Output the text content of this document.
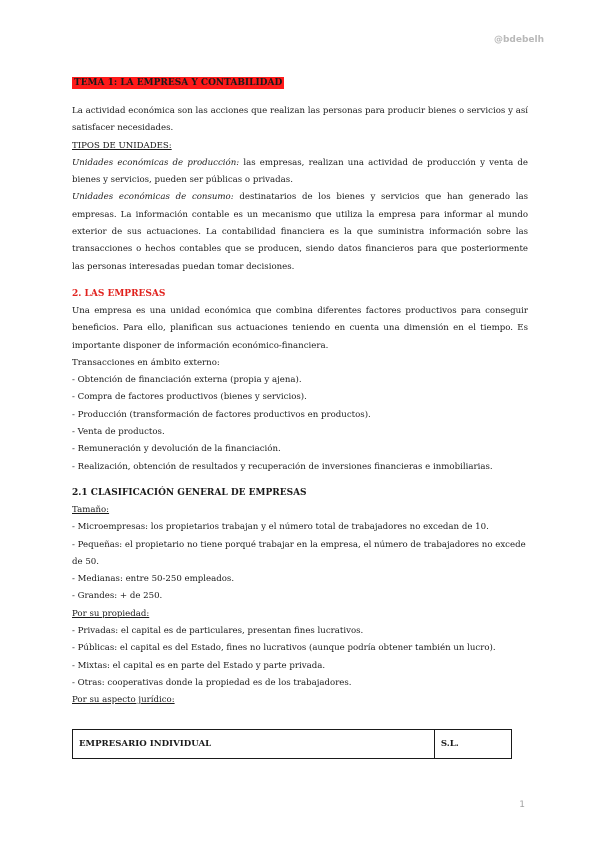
@bdebelh
TEMA 1: LA EMPRESA Y CONTABILIDAD

La actividad económica son las acciones que realizan las personas para producir bienes o servicios y así satisfacer necesidades.

TIPOS DE UNIDADES:

Unidades económicas de producción: las empresas, realizan una actividad de producción y venta de bienes y servicios, pueden ser públicas o privadas.

Unidades económicas de consumo: destinatarios de los bienes y servicios que han generado las empresas. La información contable es un mecanismo que utiliza la empresa para informar al mundo exterior de sus actuaciones. La contabilidad financiera es la que suministra información sobre las transacciones o hechos contables que se producen, siendo datos financieros para que posteriormente las personas interesadas puedan tomar decisiones.

2. LAS EMPRESAS

Una empresa es una unidad económica que combina diferentes factores productivos para conseguir beneficios. Para ello, planifican sus actuaciones teniendo en cuenta una dimensión en el tiempo. Es importante disponer de información económico-financiera.

Transacciones en ámbito externo:

- Obtención de financiación externa (propia y ajena).
- Compra de factores productivos (bienes y servicios).
- Producción (transformación de factores productivos en productos).
- Venta de productos.
- Remuneración y devolución de la financiación.
- Realización, obtención de resultados y recuperación de inversiones financieras e inmobiliarias.

2.1 CLASIFICACIÓN GENERAL DE EMPRESAS

Tamaño:

- Microempresas: los propietarios trabajan y el número total de trabajadores no excedan de 10.
- Pequeñas: el propietario no tiene porqué trabajar en la empresa, el número de trabajadores no excede de 50.
- Medianas: entre 50-250 empleados.
- Grandes: + de 250.

Por su propiedad:

- Privadas: el capital es de particulares, presentan fines lucrativos.
- Públicas: el capital es del Estado, fines no lucrativos (aunque podría obtener también un lucro).
- Mixtas: el capital es en parte del Estado y parte privada.
- Otras: cooperativas donde la propiedad es de los trabajadores.

Por su aspecto jurídico:

EMPRESARIO INDIVIDUAL	S.L.
1
